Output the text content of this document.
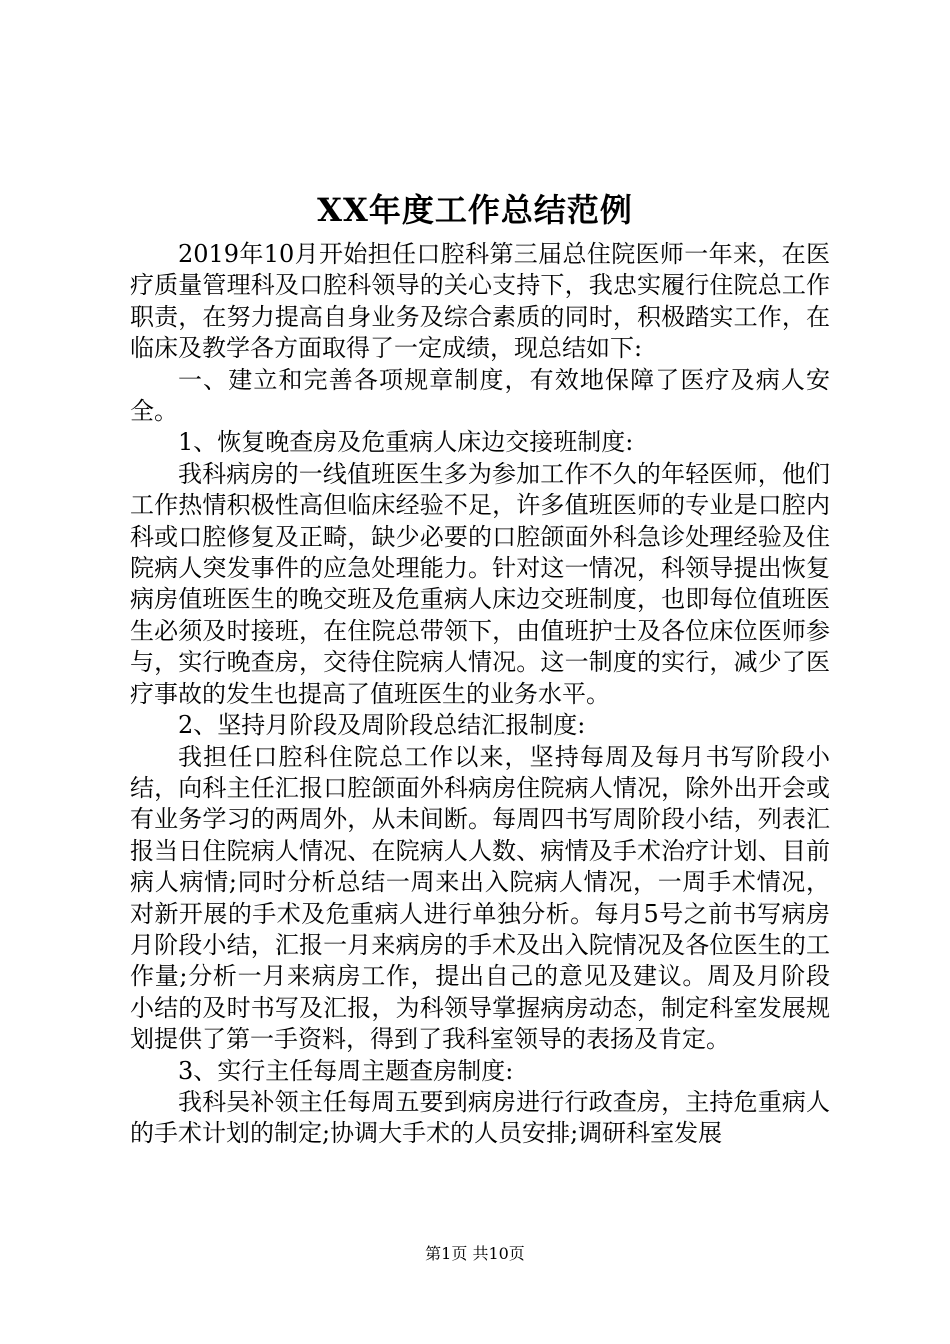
XX年度工作总结范例

2019年10月开始担任口腔科第三届总住院医师一年来，在医疗质量管理科及口腔科领导的关心支持下，我忠实履行住院总工作职责，在努力提高自身业务及综合素质的同时，积极踏实工作，在临床及教学各方面取得了一定成绩，现总结如下:

一、建立和完善各项规章制度，有效地保障了医疗及病人安全。

1、恢复晚查房及危重病人床边交接班制度:

我科病房的一线值班医生多为参加工作不久的年轻医师，他们工作热情积极性高但临床经验不足，许多值班医师的专业是口腔内科或口腔修复及正畸，缺少必要的口腔颌面外科急诊处理经验及住院病人突发事件的应急处理能力。针对这一情况，科领导提出恢复病房值班医生的晚交班及危重病人床边交班制度，也即每位值班医生必须及时接班，在住院总带领下，由值班护士及各位床位医师参与，实行晚查房，交待住院病人情况。这一制度的实行，减少了医疗事故的发生也提高了值班医生的业务水平。

2、坚持月阶段及周阶段总结汇报制度:

我担任口腔科住院总工作以来，坚持每周及每月书写阶段小结，向科主任汇报口腔颌面外科病房住院病人情况，除外出开会或有业务学习的两周外，从未间断。每周四书写周阶段小结，列表汇报当日住院病人情况、在院病人人数、病情及手术治疗计划、目前病人病情;同时分析总结一周来出入院病人情况，一周手术情况，对新开展的手术及危重病人进行单独分析。每月5号之前书写病房月阶段小结，汇报一月来病房的手术及出入院情况及各位医生的工作量;分析一月来病房工作，提出自己的意见及建议。周及月阶段小结的及时书写及汇报，为科领导掌握病房动态，制定科室发展规划提供了第一手资料，得到了我科室领导的表扬及肯定。

3、实行主任每周主题查房制度:

我科吴补领主任每周五要到病房进行行政查房，主持危重病人的手术计划的制定;协调大手术的人员安排;调研科室发展

第1页 共10页
